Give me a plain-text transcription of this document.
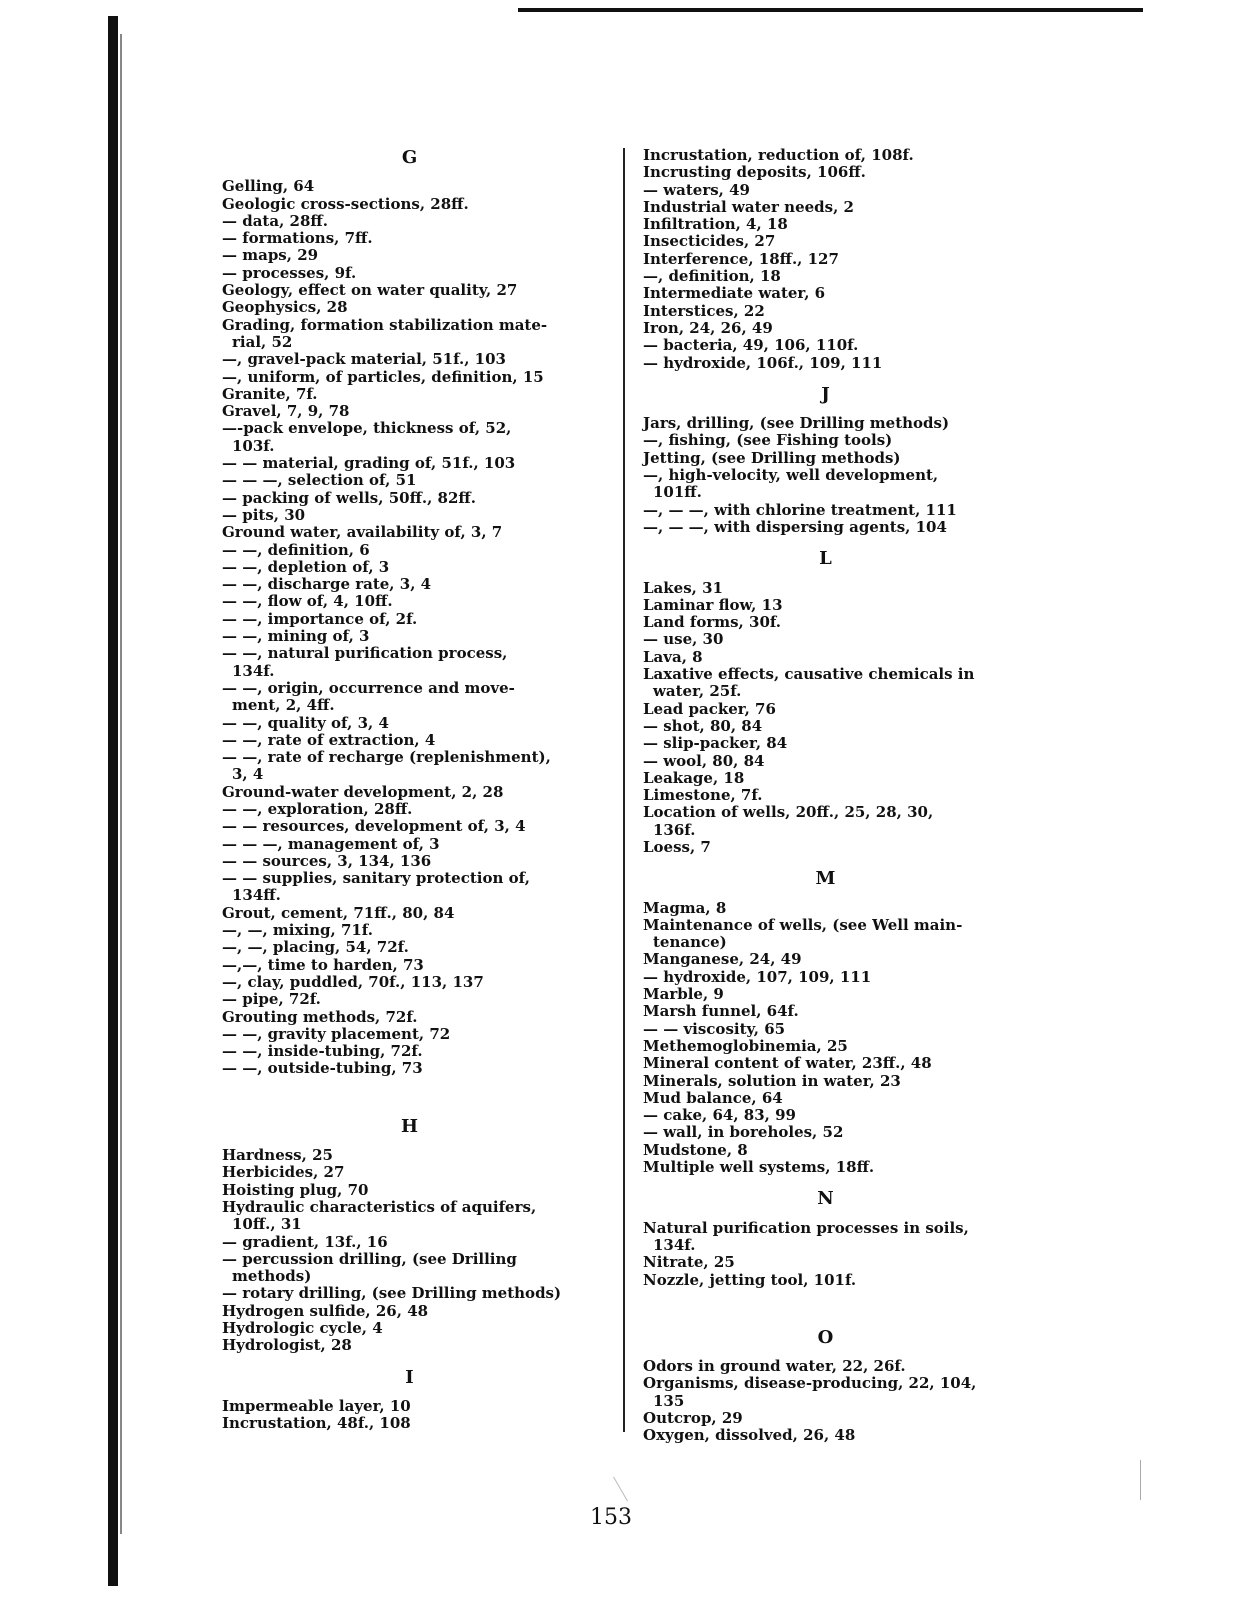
G
Gelling, 64
Geologic cross-sections, 28ff.
— data, 28ff.
— formations, 7ff.
— maps, 29
— processes, 9f.
Geology, effect on water quality, 27
Geophysics, 28
Grading, formation stabilization mate-
rial, 52
—, gravel-pack material, 51f., 103
—, uniform, of particles, definition, 15
Granite, 7f.
Gravel, 7, 9, 78
—-pack envelope, thickness of, 52,
103f.
— — material, grading of, 51f., 103
— — —, selection of, 51
— packing of wells, 50ff., 82ff.
— pits, 30
Ground water, availability of, 3, 7
— —, definition, 6
— —, depletion of, 3
— —, discharge rate, 3, 4
— —, flow of, 4, 10ff.
— —, importance of, 2f.
— —, mining of, 3
— —, natural purification process,
134f.
— —, origin, occurrence and move-
ment, 2, 4ff.
— —, quality of, 3, 4
— —, rate of extraction, 4
— —, rate of recharge (replenishment),
3, 4
Ground-water development, 2, 28
— —, exploration, 28ff.
— — resources, development of, 3, 4
— — —, management of, 3
— — sources, 3, 134, 136
— — supplies, sanitary protection of,
134ff.
Grout, cement, 71ff., 80, 84
—, —, mixing, 71f.
—, —, placing, 54, 72f.
—,—, time to harden, 73
—, clay, puddled, 70f., 113, 137
— pipe, 72f.
Grouting methods, 72f.
— —, gravity placement, 72
— —, inside-tubing, 72f.
— —, outside-tubing, 73
H
Hardness, 25
Herbicides, 27
Hoisting plug, 70
Hydraulic characteristics of aquifers,
10ff., 31
— gradient, 13f., 16
— percussion drilling, (see Drilling
methods)
— rotary drilling, (see Drilling methods)
Hydrogen sulfide, 26, 48
Hydrologic cycle, 4
Hydrologist, 28
I
Impermeable layer, 10
Incrustation, 48f., 108
Incrustation, reduction of, 108f.
Incrusting deposits, 106ff.
— waters, 49
Industrial water needs, 2
Infiltration, 4, 18
Insecticides, 27
Interference, 18ff., 127
—, definition, 18
Intermediate water, 6
Interstices, 22
Iron, 24, 26, 49
— bacteria, 49, 106, 110f.
— hydroxide, 106f., 109, 111
J
Jars, drilling, (see Drilling methods)
—, fishing, (see Fishing tools)
Jetting, (see Drilling methods)
—, high-velocity, well development,
101ff.
—, — —, with chlorine treatment, 111
—, — —, with dispersing agents, 104
L
Lakes, 31
Laminar flow, 13
Land forms, 30f.
— use, 30
Lava, 8
Laxative effects, causative chemicals in
water, 25f.
Lead packer, 76
— shot, 80, 84
— slip-packer, 84
— wool, 80, 84
Leakage, 18
Limestone, 7f.
Location of wells, 20ff., 25, 28, 30,
136f.
Loess, 7
M
Magma, 8
Maintenance of wells, (see Well main-
tenance)
Manganese, 24, 49
— hydroxide, 107, 109, 111
Marble, 9
Marsh funnel, 64f.
— — viscosity, 65
Methemoglobinemia, 25
Mineral content of water, 23ff., 48
Minerals, solution in water, 23
Mud balance, 64
— cake, 64, 83, 99
— wall, in boreholes, 52
Mudstone, 8
Multiple well systems, 18ff.
N
Natural purification processes in soils,
134f.
Nitrate, 25
Nozzle, jetting tool, 101f.
O
Odors in ground water, 22, 26f.
Organisms, disease-producing, 22, 104,
135
Outcrop, 29
Oxygen, dissolved, 26, 48
153
